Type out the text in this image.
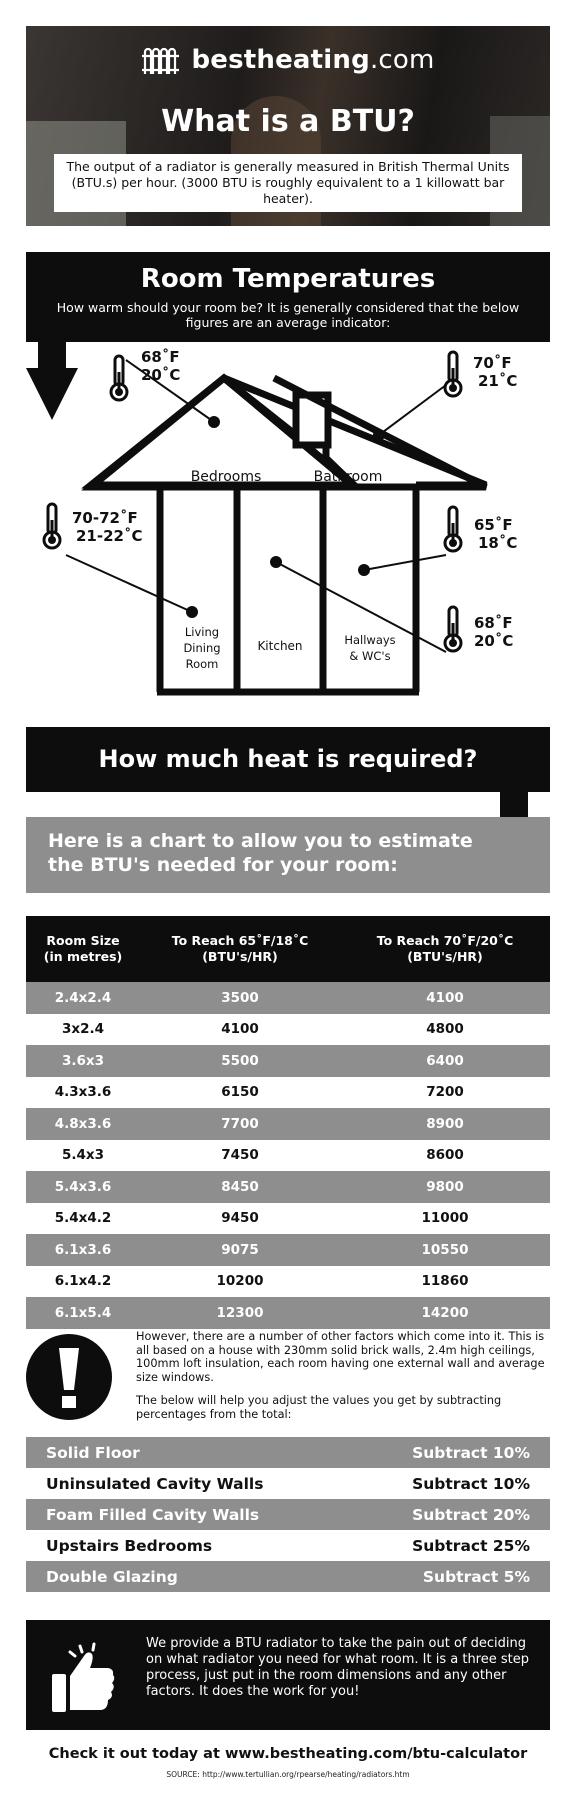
bestheating.com
What is a BTU?
The output of a radiator is generally measured in British Thermal Units (BTU.s) per hour. (3000 BTU is roughly equivalent to a 1 killowatt bar heater).
Room Temperatures
How warm should your room be? It is generally considered that the below figures are an average indicator:
Bedrooms	Bathroom
Living
Dining
Room
Kitchen	Hallways
& WC's
68˚F
20˚C
70˚F
21˚C
70-72˚F
21-22˚C
65˚F
18˚C
68˚F
20˚C
How much heat is required?
Here is a chart to allow you to estimate the BTU's needed for your room:
Room Size
(in metres)
To Reach 65˚F/18˚C
(BTU's/HR)
To Reach 70˚F/20˚C
(BTU's/HR)
2.4x2.4	3500	4100
3x2.4	4100	4800
3.6x3	5500	6400
4.3x3.6	6150	7200
4.8x3.6	7700	8900
5.4x3	7450	8600
5.4x3.6	8450	9800
5.4x4.2	9450	11000
6.1x3.6	9075	10550
6.1x4.2	10200	11860
6.1x5.4	12300	14200

However, there are a number of other factors which come into it. This is all based on a house with 230mm solid brick walls, 2.4m high ceilings, 100mm loft insulation, each room having one external wall and average size windows.

The below will help you adjust the values you get by subtracting percentages from the total:

Solid Floor	Subtract 10%
Uninsulated Cavity Walls	Subtract 10%
Foam Filled Cavity Walls	Subtract 20%
Upstairs Bedrooms	Subtract 25%
Double Glazing	Subtract 5%
We provide a BTU radiator to take the pain out of deciding on what radiator you need for what room. It is a three step process, just put in the room dimensions and any other factors. It does the work for you!
Check it out today at www.bestheating.com/btu-calculator
SOURCE: http://www.tertullian.org/rpearse/heating/radiators.htm
